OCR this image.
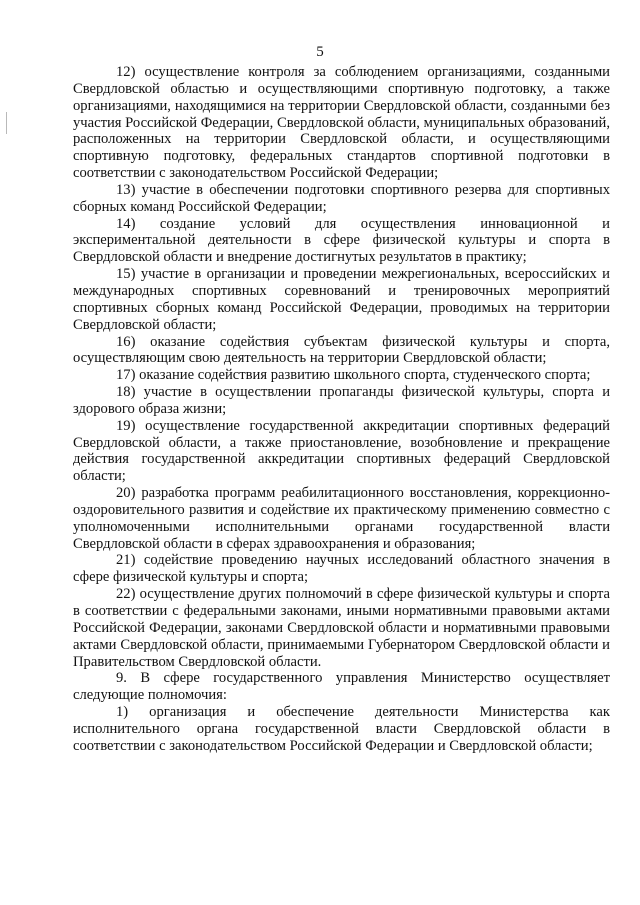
5

12) осуществление контроля за соблюдением организациями, созданными Свердловской областью и осуществляющими спортивную подготовку, а также организациями, находящимися на территории Свердловской области, созданными без участия Российской Федерации, Свердловской области, муниципальных образований, расположенных на территории Свердловской области, и осуществляющими спортивную подготовку, федеральных стандартов спортивной подготовки в соответствии с законодательством Российской Федерации;

13) участие в обеспечении подготовки спортивного резерва для спортивных сборных команд Российской Федерации;

14) создание условий для осуществления инновационной и экспериментальной деятельности в сфере физической культуры и спорта в Свердловской области и внедрение достигнутых результатов в практику;

15) участие в организации и проведении межрегиональных, всероссийских и международных спортивных соревнований и тренировочных мероприятий спортивных сборных команд Российской Федерации, проводимых на территории Свердловской области;

16) оказание содействия субъектам физической культуры и спорта, осуществляющим свою деятельность на территории Свердловской области;

17) оказание содействия развитию школьного спорта, студенческого спорта;

18) участие в осуществлении пропаганды физической культуры, спорта и здорового образа жизни;

19) осуществление государственной аккредитации спортивных федераций Свердловской области, а также приостановление, возобновление и прекращение действия государственной аккредитации спортивных федераций Свердловской области;

20) разработка программ реабилитационного восстановления, коррекционно-оздоровительного развития и содействие их практическому применению совместно с уполномоченными исполнительными органами государственной власти Свердловской области в сферах здравоохранения и образования;

21) содействие проведению научных исследований областного значения в сфере физической культуры и спорта;

22) осуществление других полномочий в сфере физической культуры и спорта в соответствии с федеральными законами, иными нормативными правовыми актами Российской Федерации, законами Свердловской области и нормативными правовыми актами Свердловской области, принимаемыми Губернатором Свердловской области и Правительством Свердловской области.

9. В сфере государственного управления Министерство осуществляет следующие полномочия:

1) организация и обеспечение деятельности Министерства как исполнительного органа государственной власти Свердловской области в соответствии с законодательством Российской Федерации и Свердловской области;
